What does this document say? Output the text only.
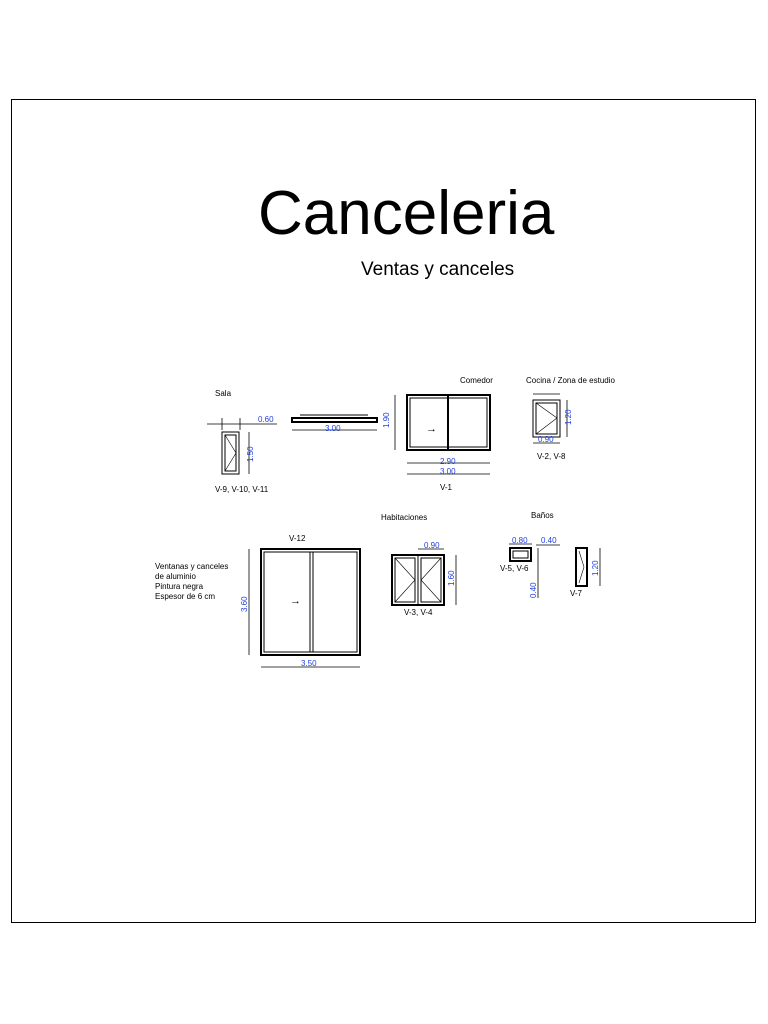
Canceleria
Ventas y canceles
Sala
0.60
1.50
V-9, V-10, V-11
3.00
Comedor
→
1.90
2.90
3.00
V-1
Cocina / Zona de estudio
1.20
0.90
V-2, V-8
V-12
→
3.60
3.50
Ventanas y canceles
de aluminio
Pintura negra
Espesor de 6 cm
Habitaciones
0.90
1.60
V-3, V-4
Baños
0.80
V-5, V-6
0.40
0.40
1.20
V-7
